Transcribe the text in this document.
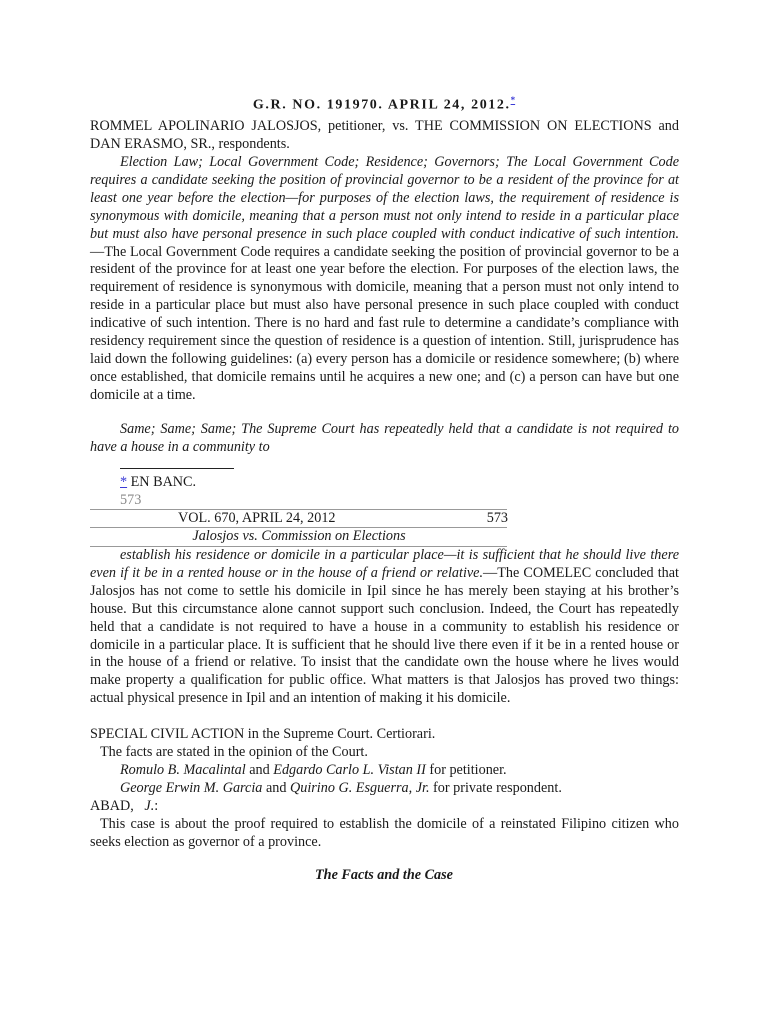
G.R. NO. 191970. APRIL 24, 2012.*
ROMMEL APOLINARIO JALOSJOS, petitioner, vs. THE COMMISSION ON ELECTIONS and DAN ERASMO, SR., respondents.
Election Law; Local Government Code; Residence; Governors; The Local Government Code requires a candidate seeking the position of provincial governor to be a resident of the province for at least one year before the election—for purposes of the election laws, the requirement of residence is synonymous with domicile, meaning that a person must not only intend to reside in a particular place but must also have personal presence in such place coupled with conduct indicative of such intention.—The Local Government Code requires a candidate seeking the position of provincial governor to be a resident of the province for at least one year before the election. For purposes of the election laws, the requirement of residence is synonymous with domicile, meaning that a person must not only intend to reside in a particular place but must also have personal presence in such place coupled with conduct indicative of such intention. There is no hard and fast rule to determine a candidate’s compliance with residency requirement since the question of residence is a question of intention. Still, jurisprudence has laid down the following guidelines: (a) every person has a domicile or residence somewhere; (b) where once established, that domicile remains until he acquires a new one; and (c) a person can have but one domicile at a time.
Same; Same; Same; The Supreme Court has repeatedly held that a candidate is not required to have a house in a community to
* EN BANC.
573
VOL. 670, APRIL 24, 2012	573
Jalosjos vs. Commission on Elections
establish his residence or domicile in a particular place—it is sufficient that he should live there even if it be in a rented house or in the house of a friend or relative.—The COMELEC concluded that Jalosjos has not come to settle his domicile in Ipil since he has merely been staying at his brother’s house. But this circumstance alone cannot support such conclusion. Indeed, the Court has repeatedly held that a candidate is not required to have a house in a community to establish his residence or domicile in a particular place. It is sufficient that he should live there even if it be in a rented house or in the house of a friend or relative. To insist that the candidate own the house where he lives would make property a qualification for public office. What matters is that Jalosjos has proved two things: actual physical presence in Ipil and an intention of making it his domicile.
SPECIAL CIVIL ACTION in the Supreme Court. Certiorari.
The facts are stated in the opinion of the Court.
Romulo B. Macalintal and Edgardo Carlo L. Vistan II for petitioner.
George Erwin M. Garcia and Quirino G. Esguerra, Jr. for private respondent.
ABAD, J.:
This case is about the proof required to establish the domicile of a reinstated Filipino citizen who seeks election as governor of a province.
The Facts and the Case
